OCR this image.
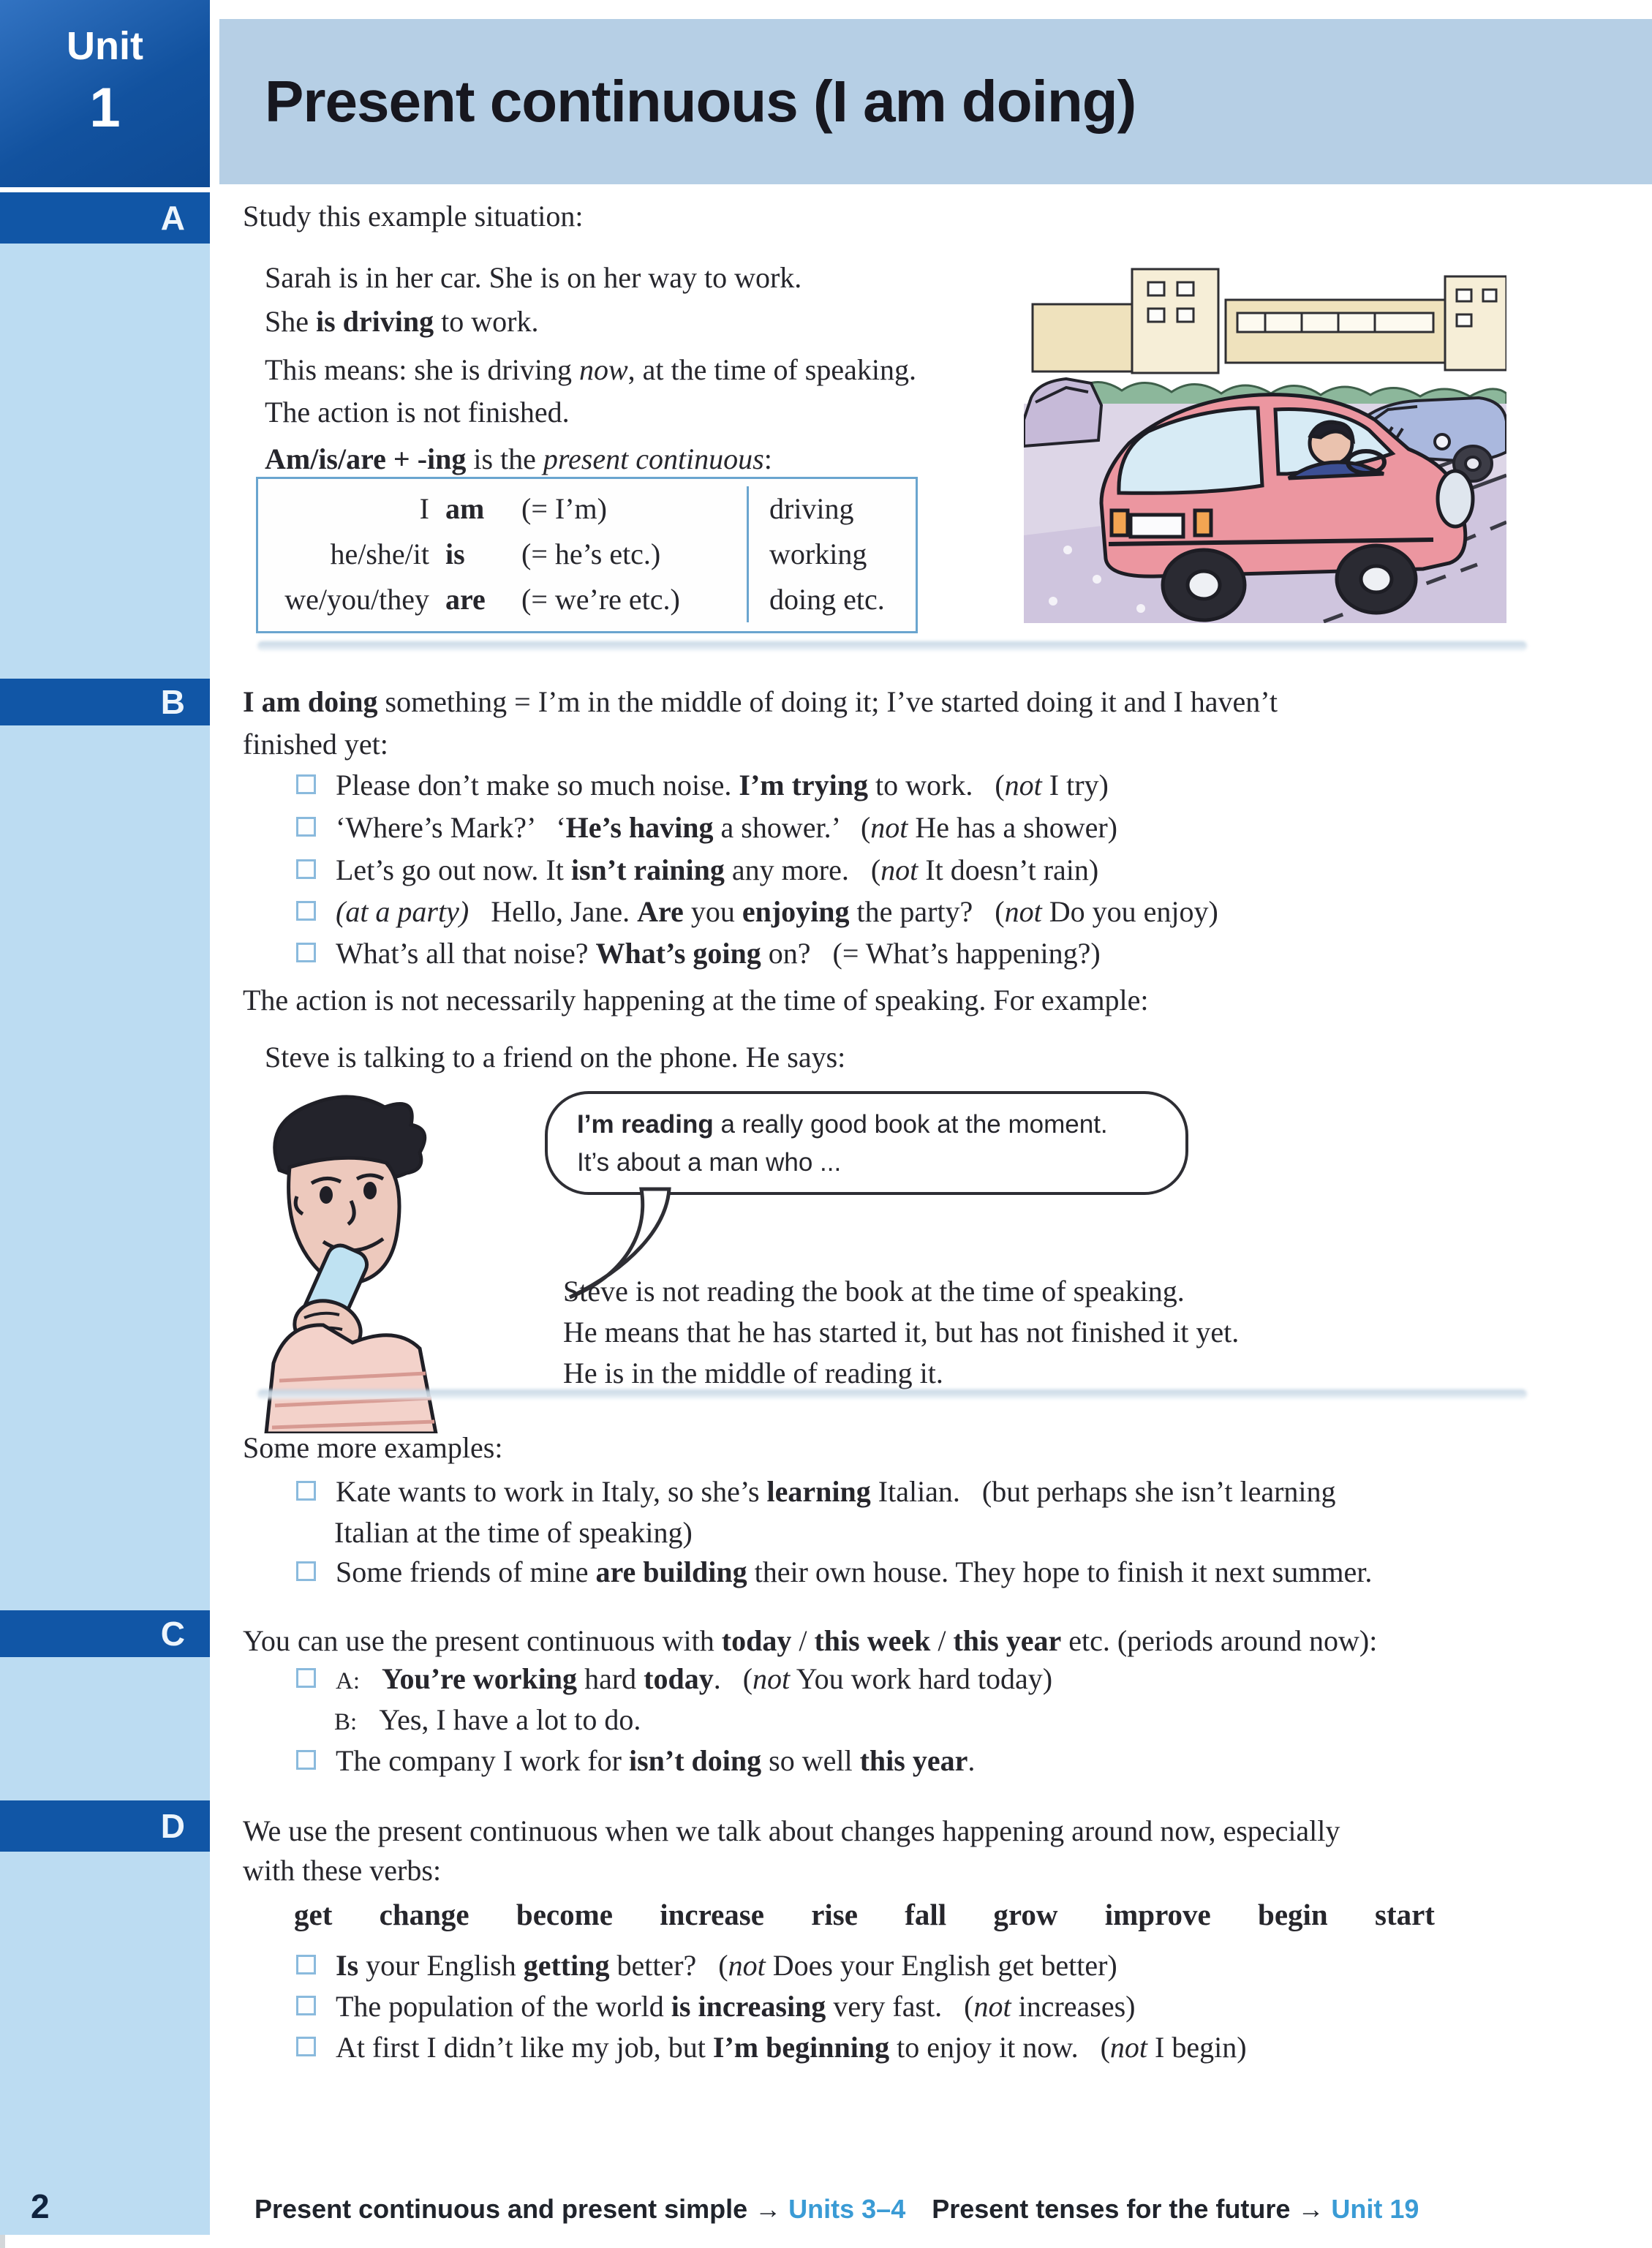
Unit
1	Present continuous (I am doing)
A
B
C
D
Study this example situation:
Sarah is in her car. She is on her way to work.
She is driving to work.
This means: she is driving now, at the time of speaking.
The action is not finished.
Am/is/are + -ing is the present continuous:
I am	(= I’m)	driving
he/she/it is	(= he’s etc.)	working
we/you/they are	(= we’re etc.)	doing etc.
I am doing something = I’m in the middle of doing it; I’ve started doing it and I haven’t
finished yet:
Please don’t make so much noise. I’m trying to work.  (not I try)
‘Where’s Mark?’  ‘He’s having a shower.’  (not He has a shower)
Let’s go out now. It isn’t raining any more.  (not It doesn’t rain)
(at a party)  Hello, Jane. Are you enjoying the party?  (not Do you enjoy)
What’s all that noise? What’s going on?  (= What’s happening?)
The action is not necessarily happening at the time of speaking. For example:
Steve is talking to a friend on the phone. He says:
I’m reading a really good book at the moment.
It’s about a man who ...
Steve is not reading the book at the time of speaking.
He means that he has started it, but has not finished it yet.
He is in the middle of reading it.
Some more examples:
Kate wants to work in Italy, so she’s learning Italian.  (but perhaps she isn’t learning
Italian at the time of speaking)
Some friends of mine are building their own house. They hope to finish it next summer.
You can use the present continuous with today / this week / this year etc. (periods around now):
A:   You’re working hard today.  (not You work hard today)
B:  Yes, I have a lot to do.
The company I work for isn’t doing so well this year.
We use the present continuous when we talk about changes happening around now, especially
with these verbs:
get change become increase rise fall grow improve begin start
Is your English getting better?  (not Does your English get better)
The population of the world is increasing very fast.  (not increases)
At first I didn’t like my job, but I’m beginning to enjoy it now.  (not I begin)
2	Present continuous and present simple → Units 3–4  Present tenses for the future → Unit 19
